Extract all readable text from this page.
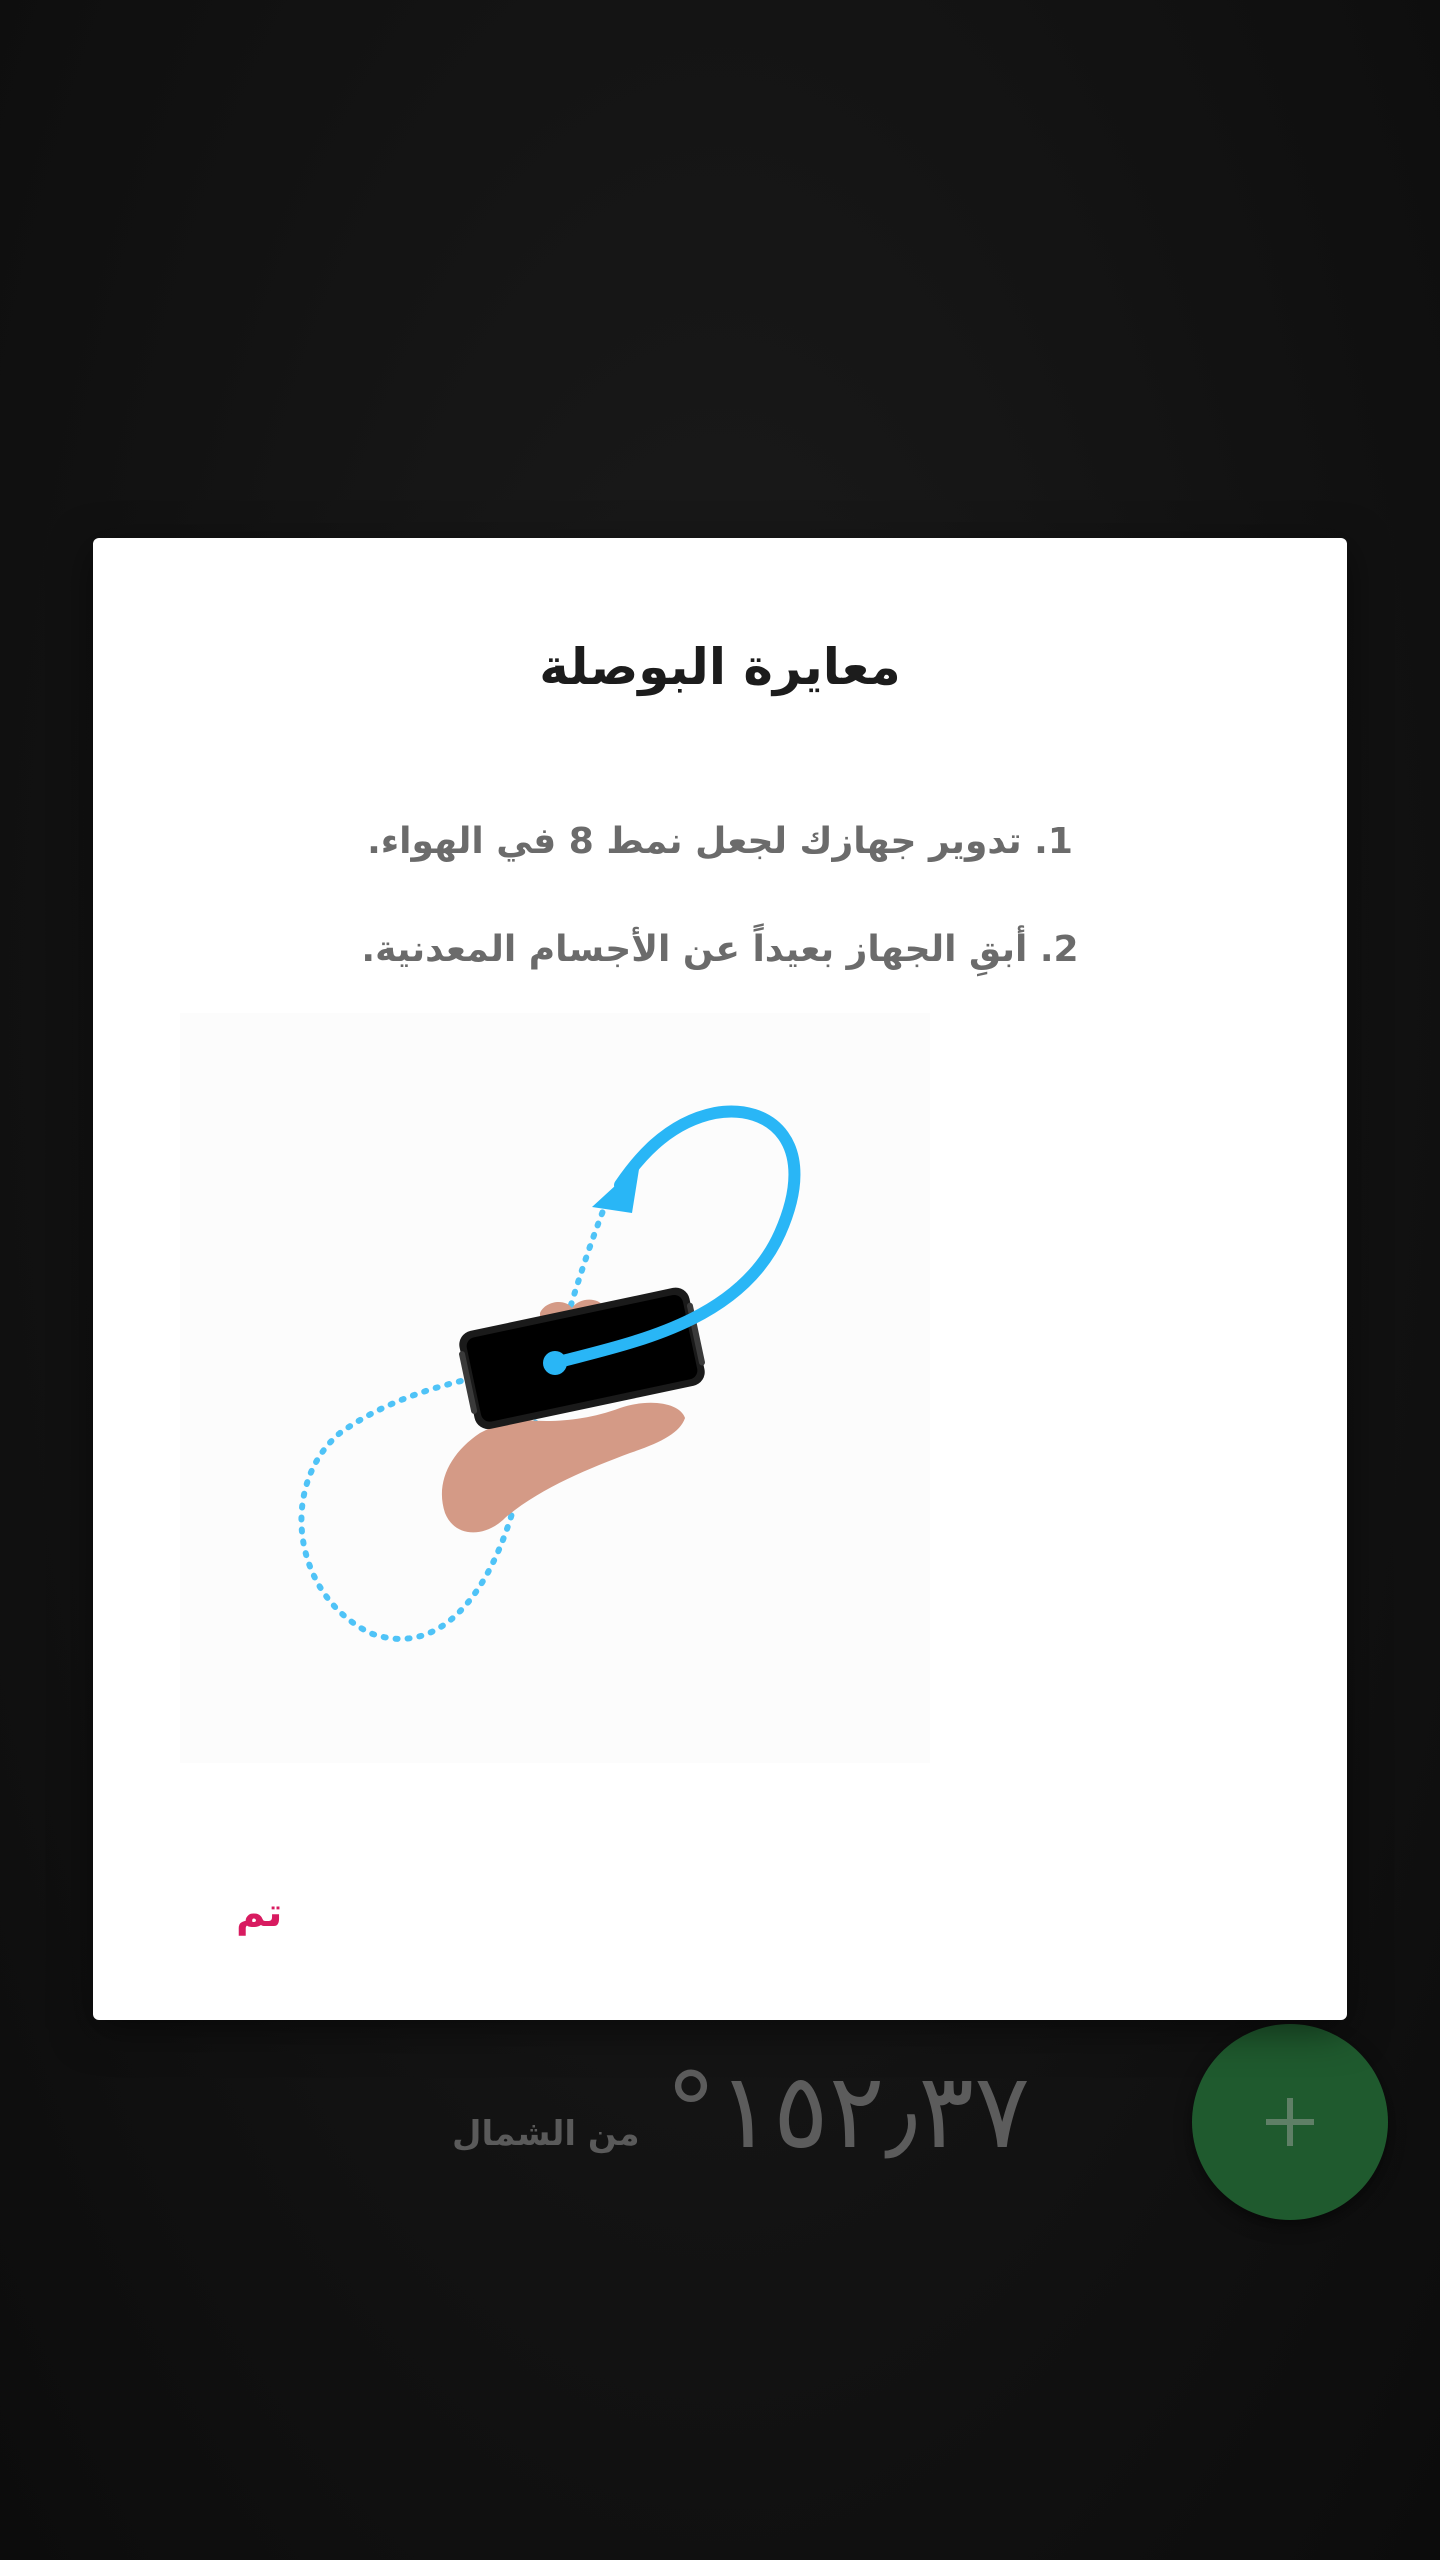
من الشمال °١٥٢٫٣٧
معايرة البوصلة
1. تدوير جهازك لجعل نمط 8 في الهواء.
2. أبقِ الجهاز بعيداً عن الأجسام المعدنية.
تم
